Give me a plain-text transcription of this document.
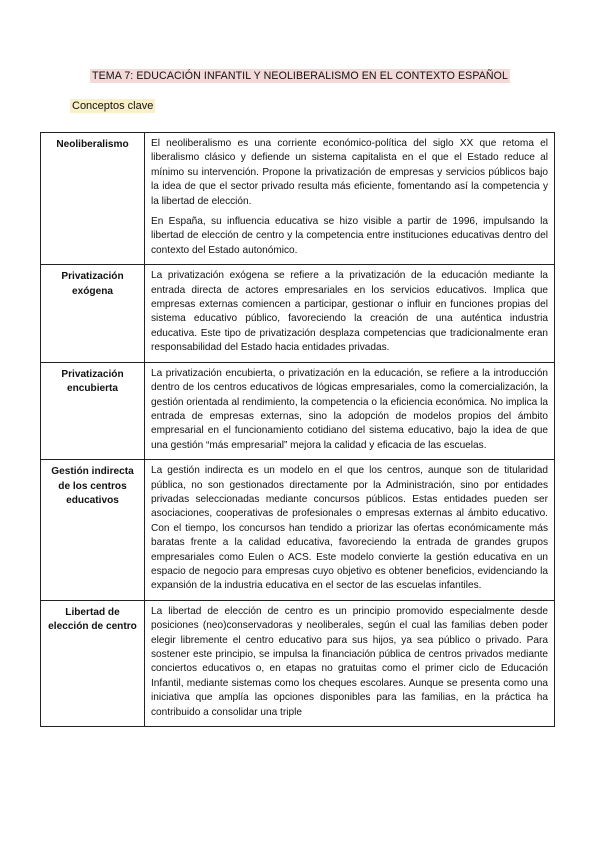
TEMA 7: EDUCACIÓN INFANTIL Y NEOLIBERALISMO EN EL CONTEXTO ESPAÑOL
Conceptos clave
Neoliberalismo	El neoliberalismo es una corriente económico-política del siglo XX que retoma el liberalismo clásico y defiende un sistema capitalista en el que el Estado reduce al mínimo su intervención. Propone la privatización de empresas y servicios públicos bajo la idea de que el sector privado resulta más eficiente, fomentando así la competencia y la libertad de elección.

En España, su influencia educativa se hizo visible a partir de 1996, impulsando la libertad de elección de centro y la competencia entre instituciones educativas dentro del contexto del Estado autonómico.

Privatización exógena	La privatización exógena se refiere a la privatización de la educación mediante la entrada directa de actores empresariales en los servicios educativos. Implica que empresas externas comiencen a participar, gestionar o influir en funciones propias del sistema educativo público, favoreciendo la creación de una auténtica industria educativa. Este tipo de privatización desplaza competencias que tradicionalmente eran responsabilidad del Estado hacia entidades privadas.

Privatización encubierta	La privatización encubierta, o privatización en la educación, se refiere a la introducción dentro de los centros educativos de lógicas empresariales, como la comercialización, la gestión orientada al rendimiento, la competencia o la eficiencia económica. No implica la entrada de empresas externas, sino la adopción de modelos propios del ámbito empresarial en el funcionamiento cotidiano del sistema educativo, bajo la idea de que una gestión “más empresarial” mejora la calidad y eficacia de las escuelas.

Gestión indirecta de los centros educativos	La gestión indirecta es un modelo en el que los centros, aunque son de titularidad pública, no son gestionados directamente por la Administración, sino por entidades privadas seleccionadas mediante concursos públicos. Estas entidades pueden ser asociaciones, cooperativas de profesionales o empresas externas al ámbito educativo. Con el tiempo, los concursos han tendido a priorizar las ofertas económicamente más baratas frente a la calidad educativa, favoreciendo la entrada de grandes grupos empresariales como Eulen o ACS. Este modelo convierte la gestión educativa en un espacio de negocio para empresas cuyo objetivo es obtener beneficios, evidenciando la expansión de la industria educativa en el sector de las escuelas infantiles.

Libertad de elección de centro	La libertad de elección de centro es un principio promovido especialmente desde posiciones (neo)conservadoras y neoliberales, según el cual las familias deben poder elegir libremente el centro educativo para sus hijos, ya sea público o privado. Para sostener este principio, se impulsa la financiación pública de centros privados mediante conciertos educativos o, en etapas no gratuitas como el primer ciclo de Educación Infantil, mediante sistemas como los cheques escolares. Aunque se presenta como una iniciativa que amplía las opciones disponibles para las familias, en la práctica ha contribuido a consolidar una triple
